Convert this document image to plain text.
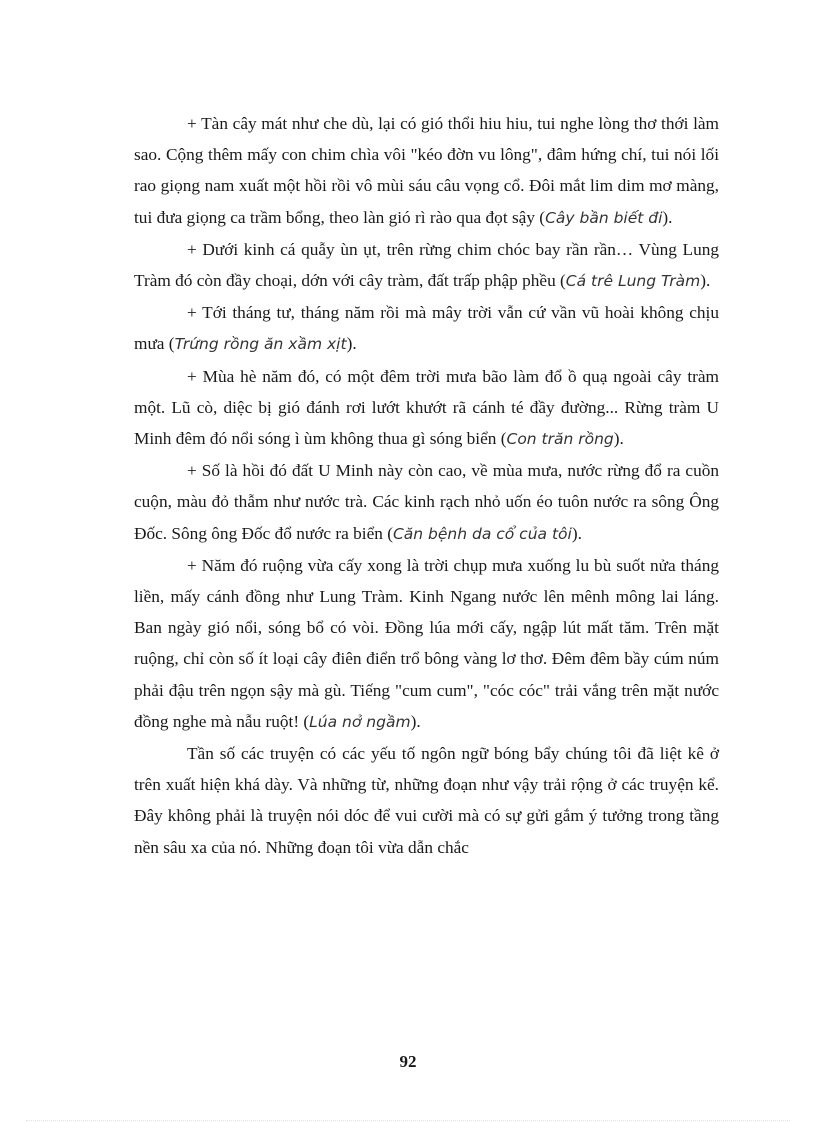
+ Tàn cây mát như che dù, lại có gió thổi hiu hiu, tui nghe lòng thơ thới làm sao. Cộng thêm mấy con chim chìa vôi "kéo đờn vu lông", đâm hứng chí, tui nói lối rao giọng nam xuất một hồi rồi vô mùi sáu câu vọng cổ. Đôi mắt lim dim mơ màng, tui đưa giọng ca trầm bổng, theo làn gió rì rào qua đọt sậy (Cây bần biết đi).

+ Dưới kinh cá quẫy ùn ụt, trên rừng chim chóc bay rần rần… Vùng Lung Tràm đó còn đầy choại, dớn với cây tràm, đất trấp phập phều (Cá trê Lung Tràm).

+ Tới tháng tư, tháng năm rồi mà mây trời vẫn cứ vần vũ hoài không chịu mưa (Trứng rồng ăn xầm xịt).

+ Mùa hè năm đó, có một đêm trời mưa bão làm đổ ồ quạ ngoài cây tràm một. Lũ cò, diệc bị gió đánh rơi lướt khướt rã cánh té đầy đường... Rừng tràm U Minh đêm đó nổi sóng ì ùm không thua gì sóng biển (Con trăn rồng).

+ Số là hồi đó đất U Minh này còn cao, về mùa mưa, nước rừng đổ ra cuồn cuộn, màu đỏ thẫm như nước trà. Các kinh rạch nhỏ uốn éo tuôn nước ra sông Ông Đốc. Sông ông Đốc đổ nước ra biển (Căn bệnh da cổ của tôi).

+ Năm đó ruộng vừa cấy xong là trời chụp mưa xuống lu bù suốt nửa tháng liền, mấy cánh đồng như Lung Tràm. Kinh Ngang nước lên mênh mông lai láng. Ban ngày gió nổi, sóng bổ có vòi. Đồng lúa mới cấy, ngập lút mất tăm. Trên mặt ruộng, chỉ còn số ít loại cây điên điển trổ bông vàng lơ thơ. Đêm đêm bầy cúm núm phải đậu trên ngọn sậy mà gù. Tiếng "cum cum", "cóc cóc" trải vắng trên mặt nước đồng nghe mà nẫu ruột! (Lúa nở ngầm).

Tần số các truyện có các yếu tố ngôn ngữ bóng bẩy chúng tôi đã liệt kê ở trên xuất hiện khá dày. Và những từ, những đoạn như vậy trải rộng ở các truyện kể. Đây không phải là truyện nói dóc để vui cười mà có sự gửi gắm ý tưởng trong tầng nền sâu xa của nó. Những đoạn tôi vừa dẫn chắc

92
